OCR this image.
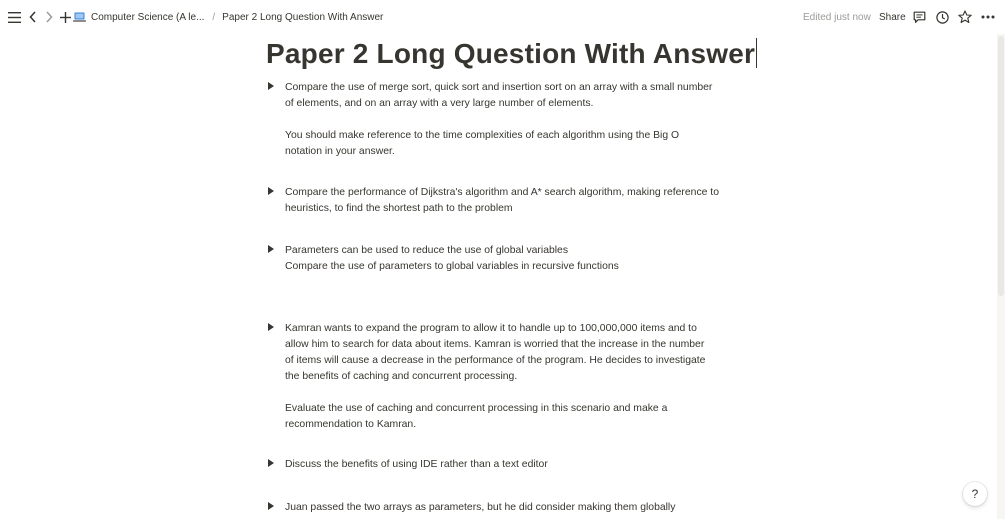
Computer Science (A le... / Paper 2 Long Question With Answer	Edited just now Share
Paper 2 Long Question With Answer

Compare the use of merge sort, quick sort and insertion sort on an array with a small number

of elements, and on an array with a very large number of elements.

You should make reference to the time complexities of each algorithm using the Big O

notation in your answer.

Compare the performance of Dijkstra's algorithm and A* search algorithm, making reference to

heuristics, to find the shortest path to the problem

Parameters can be used to reduce the use of global variables

Compare the use of parameters to global variables in recursive functions

Kamran wants to expand the program to allow it to handle up to 100,000,000 items and to

allow him to search for data about items. Kamran is worried that the increase in the number

of items will cause a decrease in the performance of the program. He decides to investigate

the benefits of caching and concurrent processing.

Evaluate the use of caching and concurrent processing in this scenario and make a

recommendation to Kamran.

Discuss the benefits of using IDE rather than a text editor

Juan passed the two arrays as parameters, but he did consider making them globally

?
